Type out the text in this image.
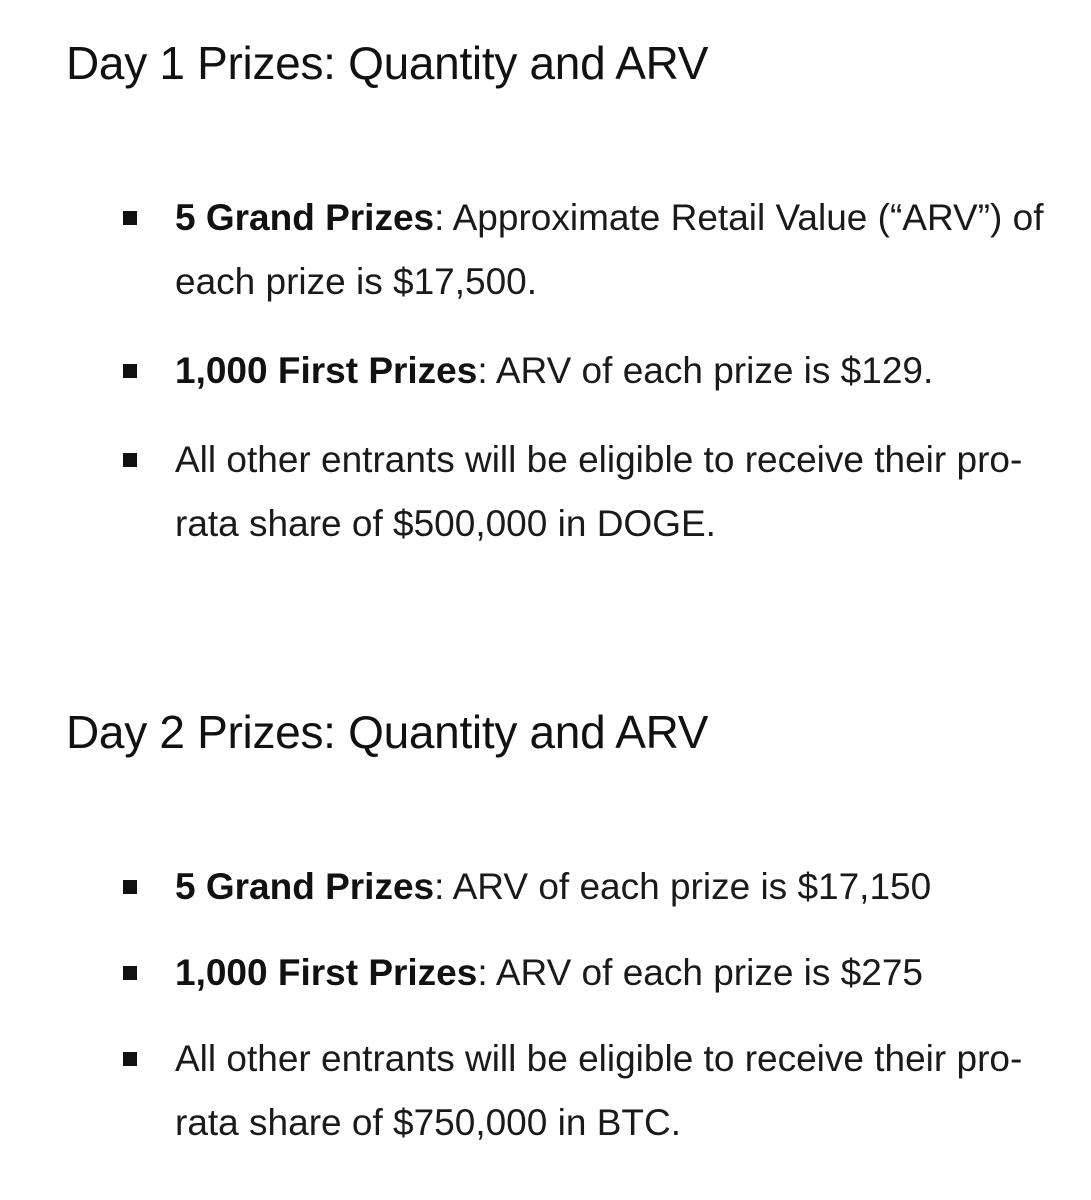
Day 1 Prizes: Quantity and ARV
5 Grand Prizes: Approximate Retail Value (“ARV”) of each prize is $17,500.
1,000 First Prizes: ARV of each prize is $129.
All other entrants will be eligible to receive their pro-rata share of $500,000 in DOGE.
Day 2 Prizes: Quantity and ARV
5 Grand Prizes: ARV of each prize is $17,150
1,000 First Prizes: ARV of each prize is $275
All other entrants will be eligible to receive their pro-rata share of $750,000 in BTC.
